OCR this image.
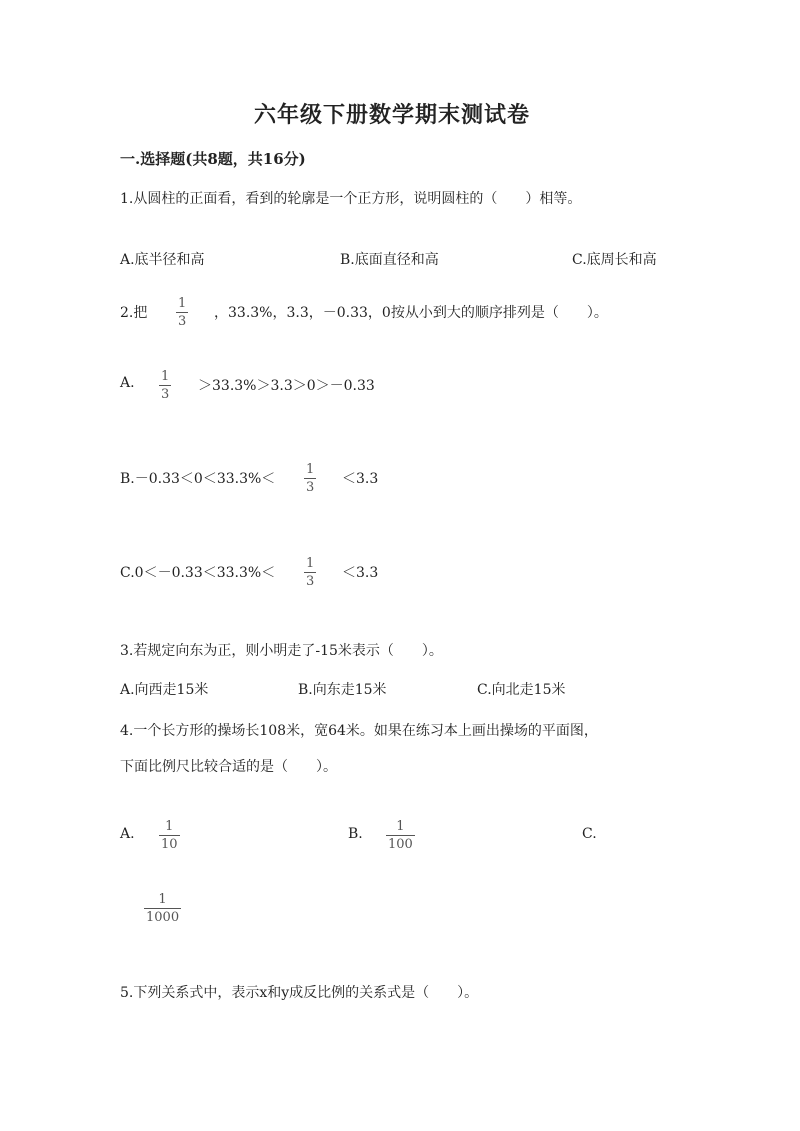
六年级下册数学期末测试卷
一.选择题(共8题，共16分)
1.从圆柱的正面看，看到的轮廓是一个正方形，说明圆柱的（　　）相等。
A.底半径和高	B.底面直径和高	C.底周长和高
2.把
1
3
，33.3%，3.3，－0.33，0按从小到大的顺序排列是（　　）。
A. 1
3
＞33.3%＞3.3＞0＞－0.33
B.－0.33＜0＜33.3%＜
1
3
＜3.3
C.0＜－0.33＜33.3%＜
1
3
＜3.3
3.若规定向东为正，则小明走了-15米表示（　　）。
A.向西走15米	B.向东走15米	C.向北走15米
4.一个长方形的操场长108米，宽64米。如果在练习本上画出操场的平面图，
下面比例尺比较合适的是（　　）。
A. 1
10
B.	1
100
C.
1
1000
5.下列关系式中，表示x和y成反比例的关系式是（　　）。
